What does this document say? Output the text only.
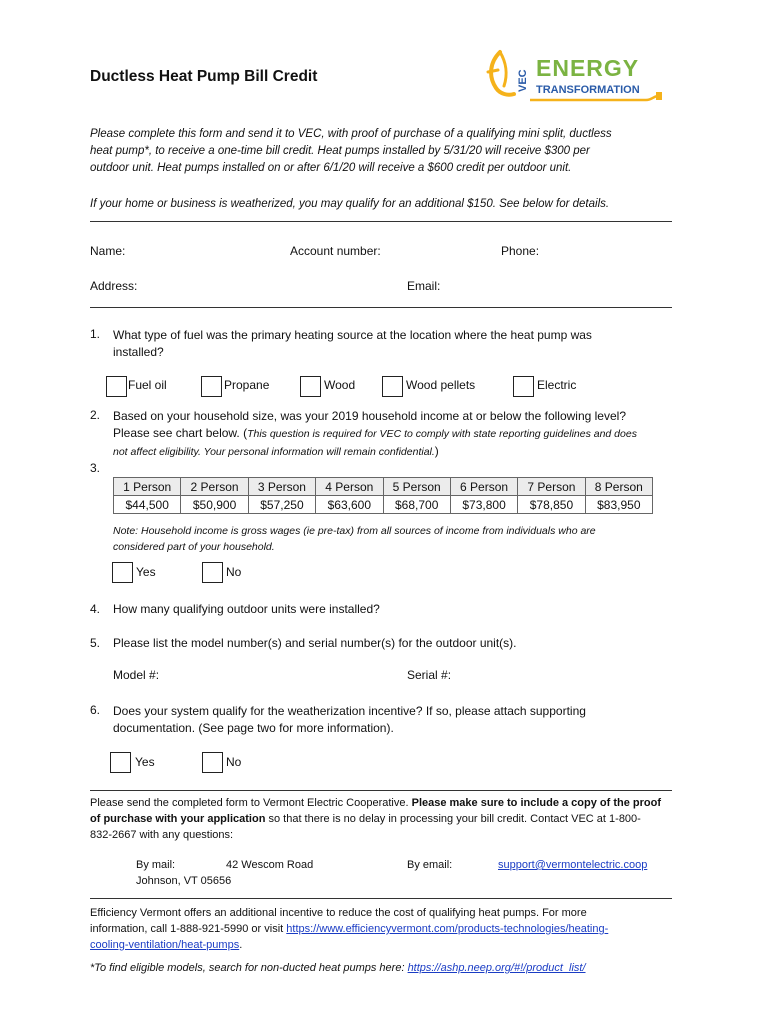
Ductless Heat Pump Bill Credit	VEC ENERGY
TRANSFORMATION
Please complete this form and send it to VEC, with proof of purchase of a qualifying mini split, ductless
heat pump*, to receive a one-time bill credit. Heat pumps installed by 5/31/20 will receive $300 per
outdoor unit. Heat pumps installed on or after 6/1/20 will receive a $600 credit per outdoor unit.
If your home or business is weatherized, you may qualify for an additional $150. See below for details.
Name:	Account number:	Phone:
Address:	Email:
1. What type of fuel was the primary heating source at the location where the heat pump was
installed?
Fuel oil	Propane	Wood	Wood pellets	Electric
2. Based on your household size, was your 2019 household income at or below the following level?
Please see chart below. (This question is required for VEC to comply with state reporting guidelines and does
not affect eligibility. Your personal information will remain confidential.)
3.
1 Person	2 Person	3 Person	4 Person	5 Person	6 Person	7 Person	8 Person
$44,500	$50,900	$57,250	$63,600	$68,700	$73,800	$78,850	$83,950
Note: Household income is gross wages (ie pre-tax) from all sources of income from individuals who are
considered part of your household.
Yes	No
4. How many qualifying outdoor units were installed?
5. Please list the model number(s) and serial number(s) for the outdoor unit(s).
Model #:	Serial #:
6. Does your system qualify for the weatherization incentive? If so, please attach supporting
documentation. (See page two for more information).
Yes	No
Please send the completed form to Vermont Electric Cooperative. Please make sure to include a copy of the proof
of purchase with your application so that there is no delay in processing your bill credit. Contact VEC at 1-800-
832-2667 with any questions:
By mail:	42 Wescom Road
Johnson, VT 05656
By email:	support@vermontelectric.coop
Efficiency Vermont offers an additional incentive to reduce the cost of qualifying heat pumps. For more
information, call 1-888-921-5990 or visit https://www.efficiencyvermont.com/products-technologies/heating-
cooling-ventilation/heat-pumps.
*To find eligible models, search for non-ducted heat pumps here: https://ashp.neep.org/#!/product_list/
